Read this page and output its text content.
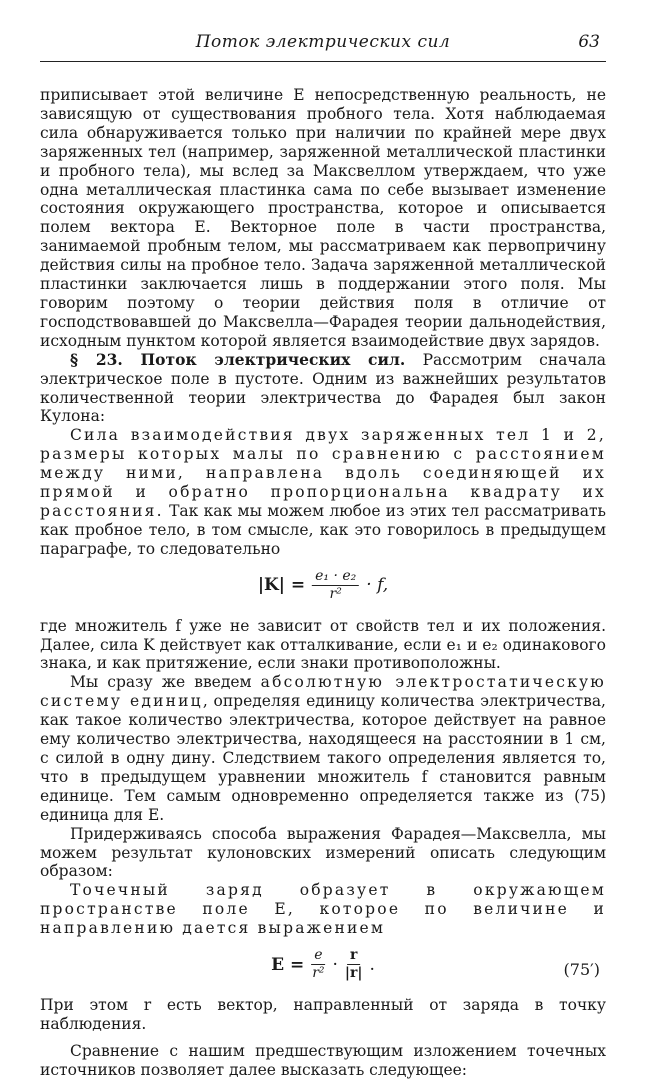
Поток электрических сил	63

приписывает этой величине E непосредственную реальность, не зависящую от существования пробного тела. Хотя наблюдаемая сила обнаруживается только при наличии по крайней мере двух заряженных тел (например, заряженной металлической пластинки и пробного тела), мы вслед за Максвеллом утверждаем, что уже одна металлическая пластинка сама по себе вызывает изменение состояния окружающего пространства, которое и описывается полем вектора E. Векторное поле в части пространства, занимаемой пробным телом, мы рассматриваем как первопричину действия силы на пробное тело. Задача заряженной металлической пластинки заключается лишь в поддержании этого поля. Мы говорим поэтому о теории действия поля в отличие от господствовавшей до Максвелла—Фарадея теории дальнодействия, исходным пунктом которой является взаимодействие двух зарядов.

§ 23. Поток электрических сил. Рассмотрим сначала электрическое поле в пустоте. Одним из важнейших результатов количественной теории электричества до Фарадея был закон Кулона:

Сила взаимодействия двух заряженных тел 1 и 2, размеры которых малы по сравнению с расстоянием между ними, направлена вдоль соединяющей их прямой и обратно пропорциональна квадрату их расстояния. Так как мы можем любое из этих тел рассматривать как пробное тело, в том смысле, как это говорилось в предыдущем параграфе, то следовательно

$|K| = \frac{\text{e₁ · e₂}}{\text{r²}} \cdot f$,

где множитель f уже не зависит от свойств тел и их положения. Далее, сила K действует как отталкивание, если e₁ и e₂ одинакового знака, и как притяжение, если знаки противоположны.

Мы сразу же введем абсолютную электростатическую систему единиц, определяя единицу количества электричества, как такое количество электричества, которое действует на равное ему количество электричества, находящееся на расстоянии в 1 см, с силой в одну дину. Следствием такого определения является то, что в предыдущем уравнении множитель f становится равным единице. Тем самым одновременно определяется также из (75) единица для E.

Придерживаясь способа выражения Фарадея—Максвелла, мы можем результат кулоновских измерений описать следующим образом:

Точечный заряд образует в окружающем пространстве поле E, которое по величине и направлению дается выражением

$E = \frac{e}{\text{r²}} \cdot \frac{r}{|r|}$ .	(75′)

При этом r есть вектор, направленный от заряда в точку наблюдения.

Сравнение с нашим предшествующим изложением точечных источников позволяет далее высказать следующее:
